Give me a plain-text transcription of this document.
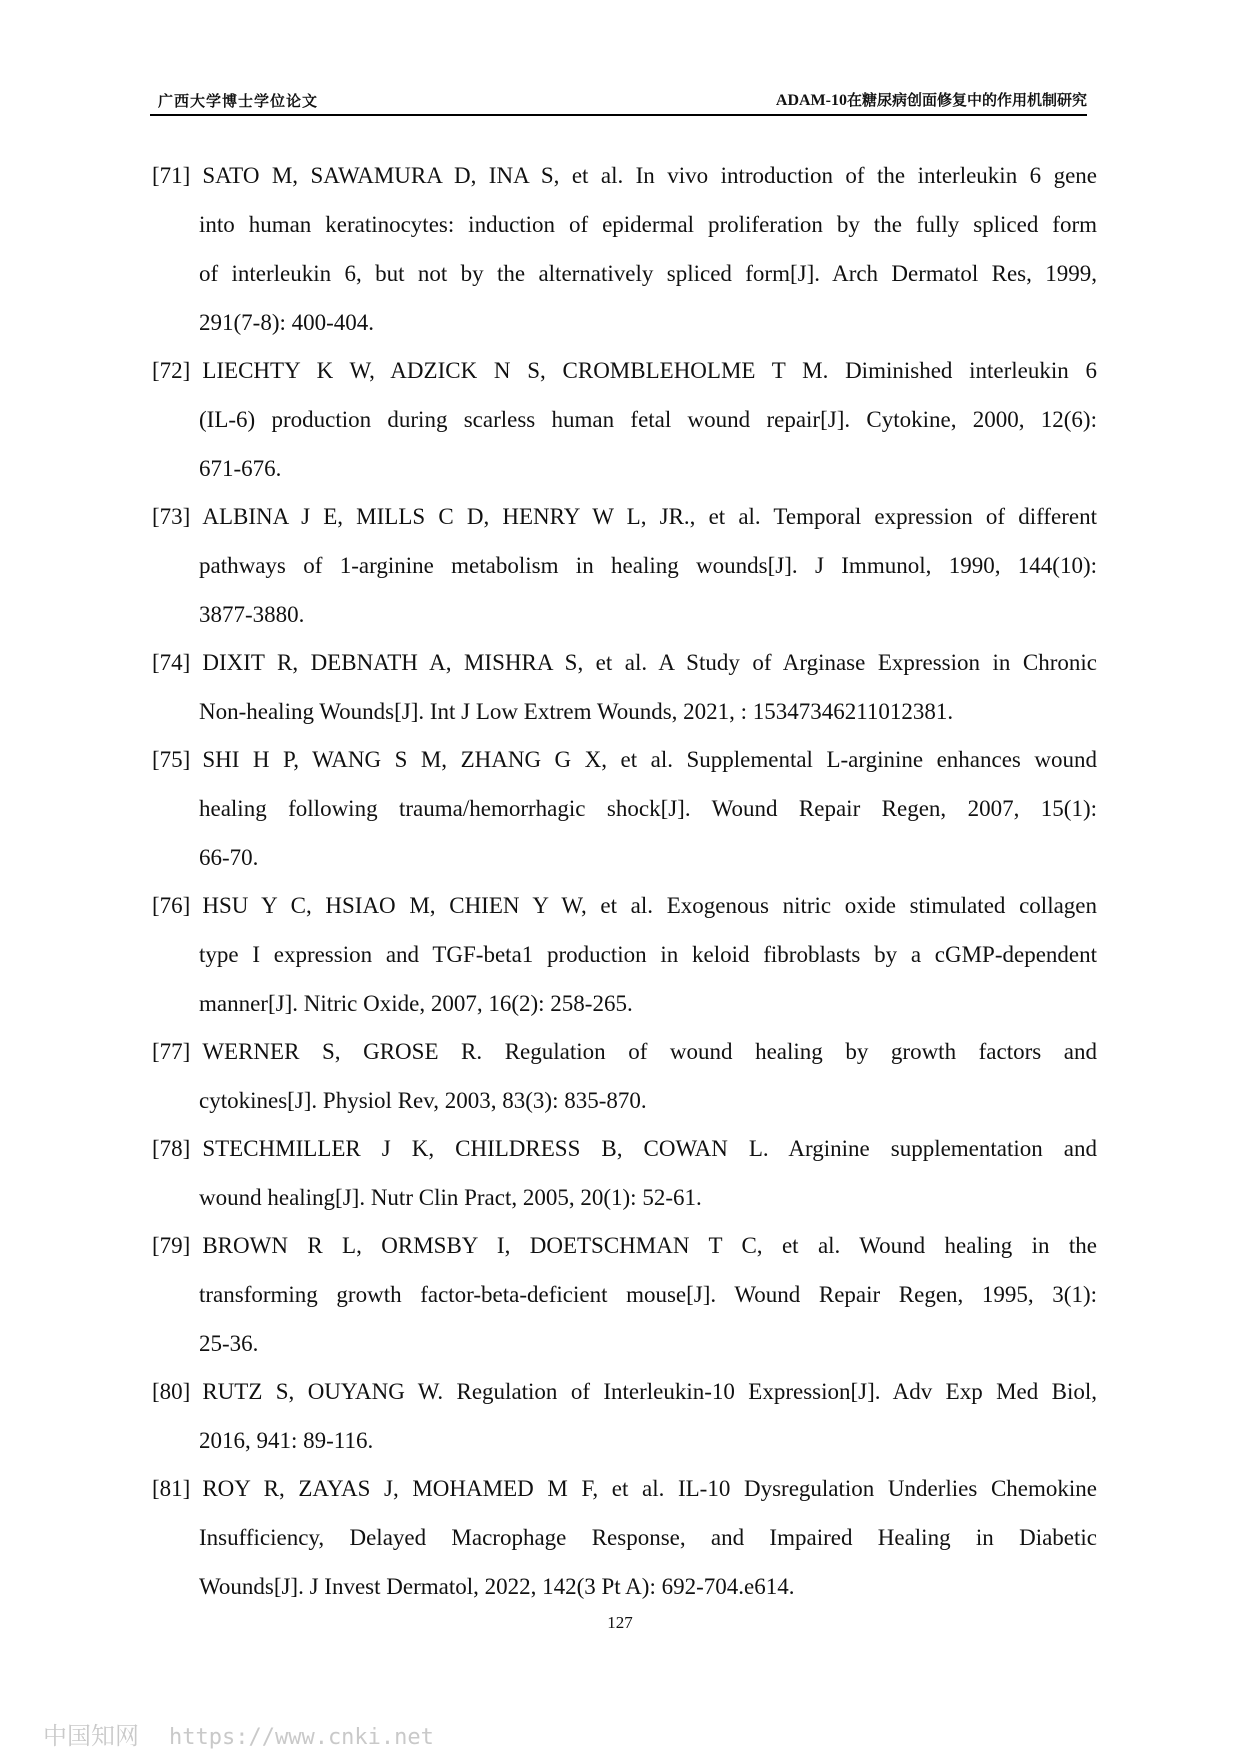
广西大学博士学位论文	ADAM-10在糖尿病创面修复中的作用机制研究
[71] SATO M, SAWAMURA D, INA S, et al. In vivo introduction of the interleukin 6 gene
into human keratinocytes: induction of epidermal proliferation by the fully spliced form
of interleukin 6, but not by the alternatively spliced form[J]. Arch Dermatol Res, 1999,
291(7-8): 400-404.
[72] LIECHTY K W, ADZICK N S, CROMBLEHOLME T M. Diminished interleukin 6
(IL-6) production during scarless human fetal wound repair[J]. Cytokine, 2000, 12(6):
671-676.
[73] ALBINA J E, MILLS C D, HENRY W L, JR., et al. Temporal expression of different
pathways of 1-arginine metabolism in healing wounds[J]. J Immunol, 1990, 144(10):
3877-3880.
[74] DIXIT R, DEBNATH A, MISHRA S, et al. A Study of Arginase Expression in Chronic
Non-healing Wounds[J]. Int J Low Extrem Wounds, 2021, : 15347346211012381.
[75] SHI H P, WANG S M, ZHANG G X, et al. Supplemental L-arginine enhances wound
healing following trauma/hemorrhagic shock[J]. Wound Repair Regen, 2007, 15(1):
66-70.
[76] HSU Y C, HSIAO M, CHIEN Y W, et al. Exogenous nitric oxide stimulated collagen
type I expression and TGF-beta1 production in keloid fibroblasts by a cGMP-dependent
manner[J]. Nitric Oxide, 2007, 16(2): 258-265.
[77] WERNER S, GROSE R. Regulation of wound healing by growth factors and
cytokines[J]. Physiol Rev, 2003, 83(3): 835-870.
[78] STECHMILLER J K, CHILDRESS B, COWAN L. Arginine supplementation and
wound healing[J]. Nutr Clin Pract, 2005, 20(1): 52-61.
[79] BROWN R L, ORMSBY I, DOETSCHMAN T C, et al. Wound healing in the
transforming growth factor-beta-deficient mouse[J]. Wound Repair Regen, 1995, 3(1):
25-36.
[80] RUTZ S, OUYANG W. Regulation of Interleukin-10 Expression[J]. Adv Exp Med Biol,
2016, 941: 89-116.
[81] ROY R, ZAYAS J, MOHAMED M F, et al. IL-10 Dysregulation Underlies Chemokine
Insufficiency, Delayed Macrophage Response, and Impaired Healing in Diabetic
Wounds[J]. J Invest Dermatol, 2022, 142(3 Pt A): 692-704.e614.
127
中国知网 https://www.cnki.net
